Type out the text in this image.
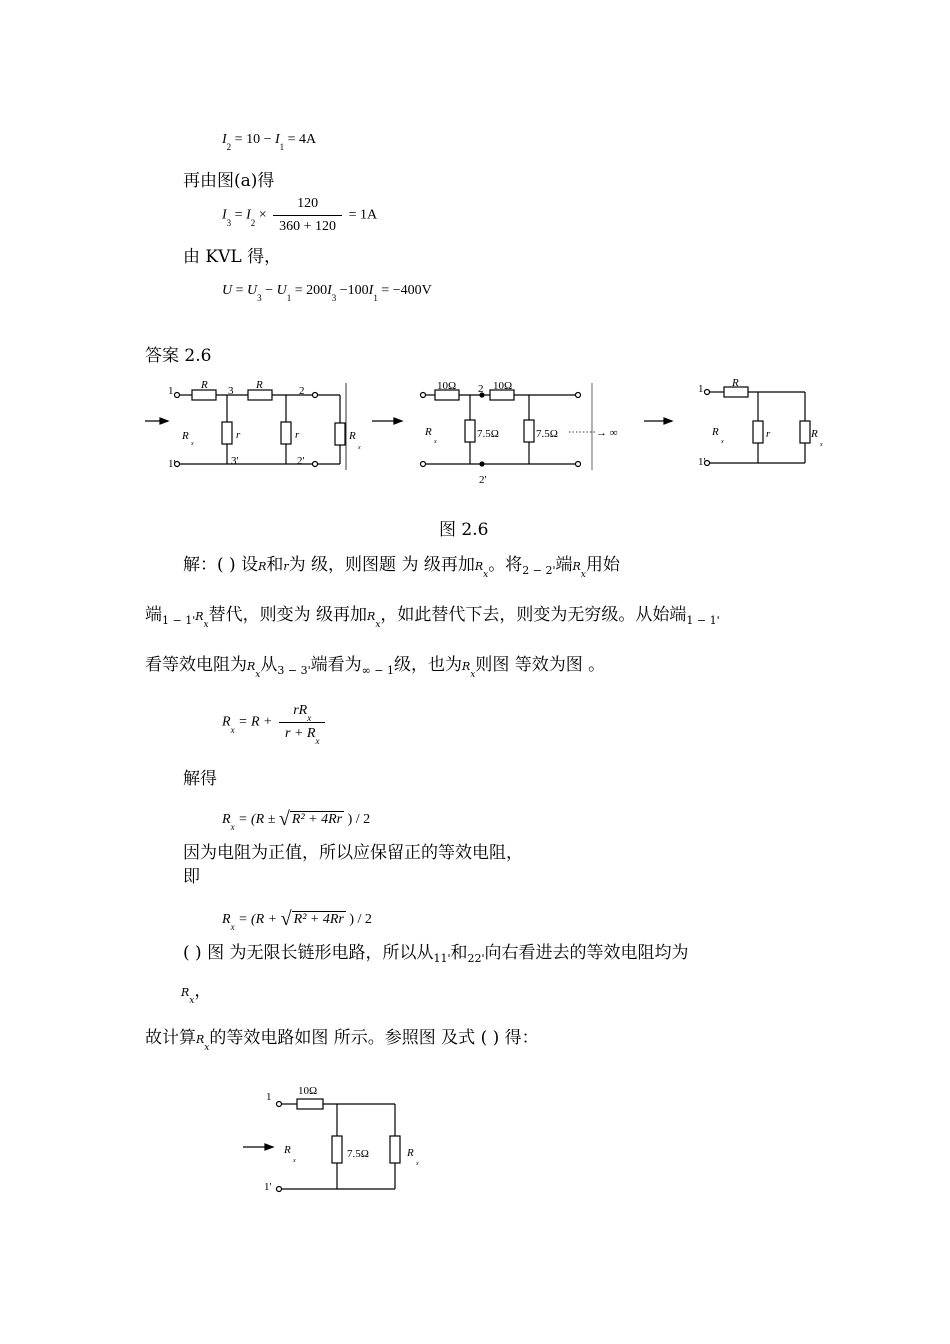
$I_2 = 10 - I_1 = 4A$
再由图(a)得
$I_3 = I_2 \times \frac{120}{360 + 120} = 1A$
由 KVL 得，
$U = U_3 - U_1 = 200I_3 -100I_1 = -400V$
答案 2.6
1
1'
R 3 R	2
r	r
3'	2'
R
x
R
x
10Ω 2 10Ω
7.5Ω	7.5Ω	→ ∞
2'
R
x
1
1'
R
r
R
x
R
x
图 2.6
解：( ) 设R和r为 级，则图题 为 级再加$R_x$。将$_{2 - 2'}$端$R_x$用始
端$_{1 - 1'}R_x$替代，则变为 级再加$R_x$，如此替代下去，则变为无穷级。从始端$_{1 - 1'}$
看等效电阻为$R_x$从$_{3 - 3'}$端看为$_{\infty - 1}$级，也为$R_x$则图 等效为图 。
$R_x = R + \frac{rR_x}{r + R_x}$
解得
$R_x = (R$ ± √ R² + 4Rr ) / 2
因为电阻为正值，所以应保留正的等效电阻，
即
$R_x = (R$ + √ R² + 4Rr ) / 2
( ) 图 为无限长链形电路，所以从$_{11'}$和$_{22'}$向右看进去的等效电阻均为
$R_x$，
故计算$R_x$的等效电路如图 所示。参照图 及式 ( ) 得：
1
1'
10Ω
7.5Ω
R
x
R
x
